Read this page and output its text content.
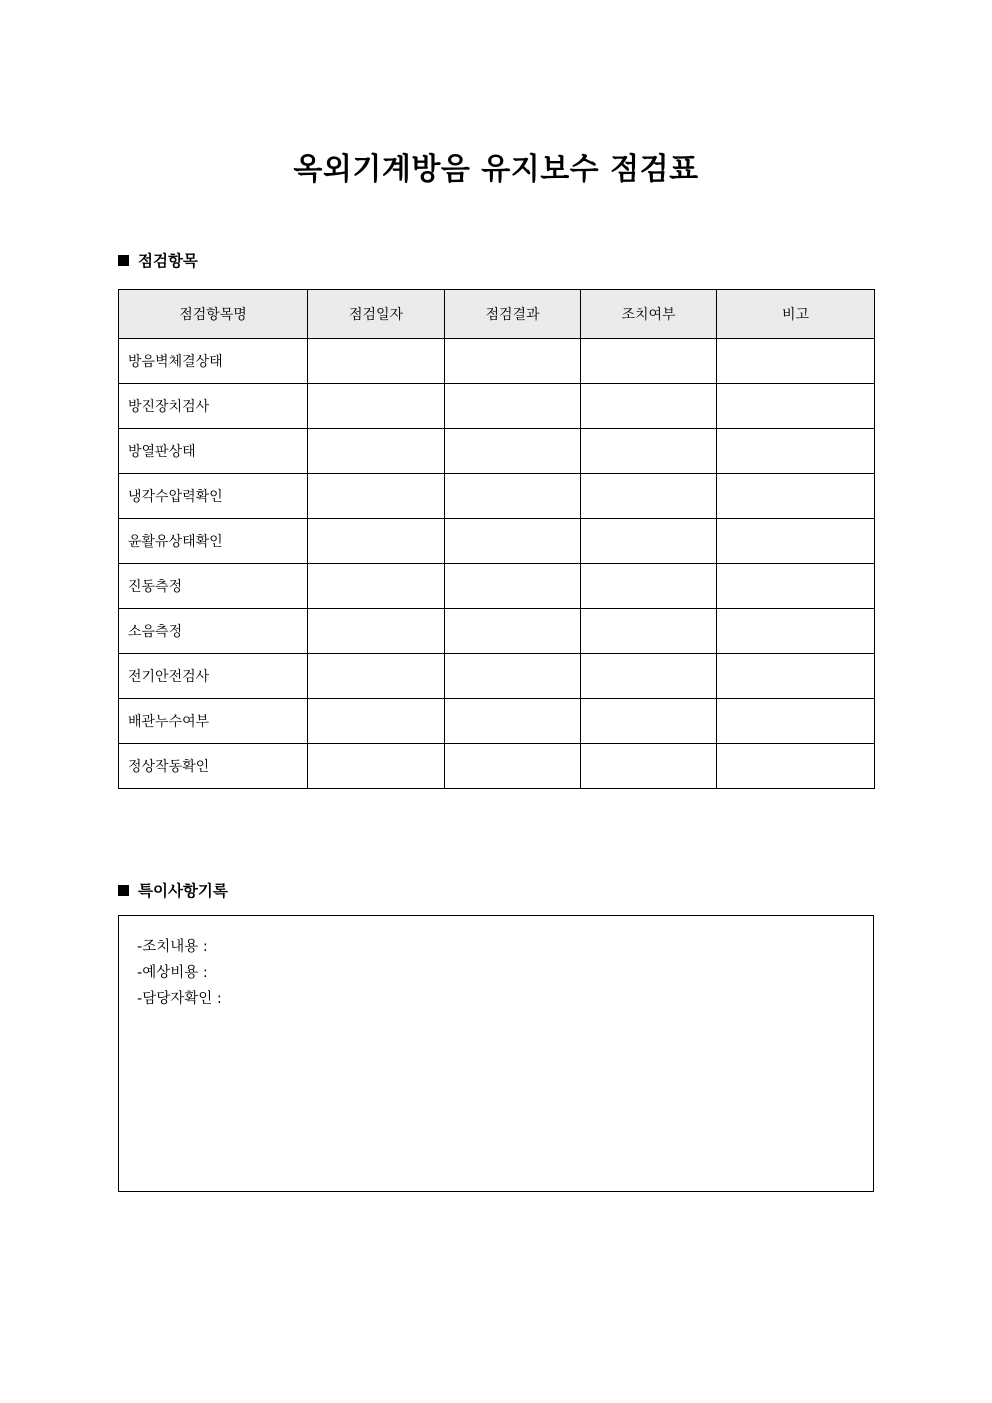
옥외기계방음 유지보수 점검표
점검항목
점검항목명	점검일자	점검결과	조치여부	비고
방음벽체결상태				
방진장치검사				
방열판상태				
냉각수압력확인				
윤활유상태확인				
진동측정				
소음측정				
전기안전검사				
배관누수여부				
정상작동확인				
특이사항기록
-조치내용 :
-예상비용 :
-담당자확인 :
